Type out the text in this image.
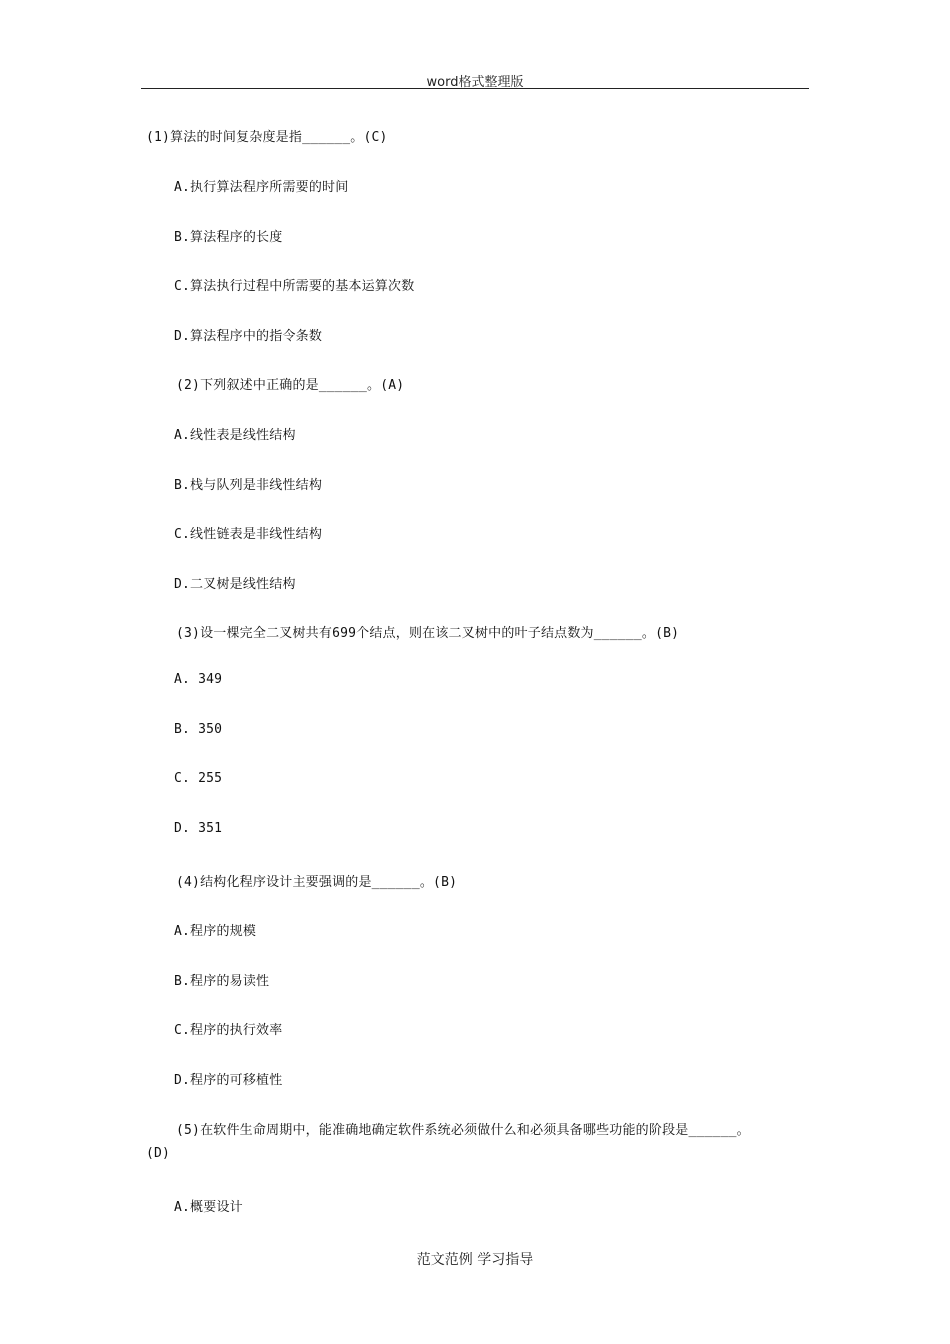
word格式整理版
(1)算法的时间复杂度是指______。(C)
A.执行算法程序所需要的时间
B.算法程序的长度
C.算法执行过程中所需要的基本运算次数
D.算法程序中的指令条数
(2)下列叙述中正确的是______。(A)
A.线性表是线性结构
B.栈与队列是非线性结构
C.线性链表是非线性结构
D.二叉树是线性结构
(3)设一棵完全二叉树共有699个结点，则在该二叉树中的叶子结点数为______。(B)
A. 349
B. 350
C. 255
D. 351
(4)结构化程序设计主要强调的是______。(B)
A.程序的规模
B.程序的易读性
C.程序的执行效率
D.程序的可移植性
(5)在软件生命周期中，能准确地确定软件系统必须做什么和必须具备哪些功能的阶段是______。
(D)
A.概要设计
范文范例 学习指导
